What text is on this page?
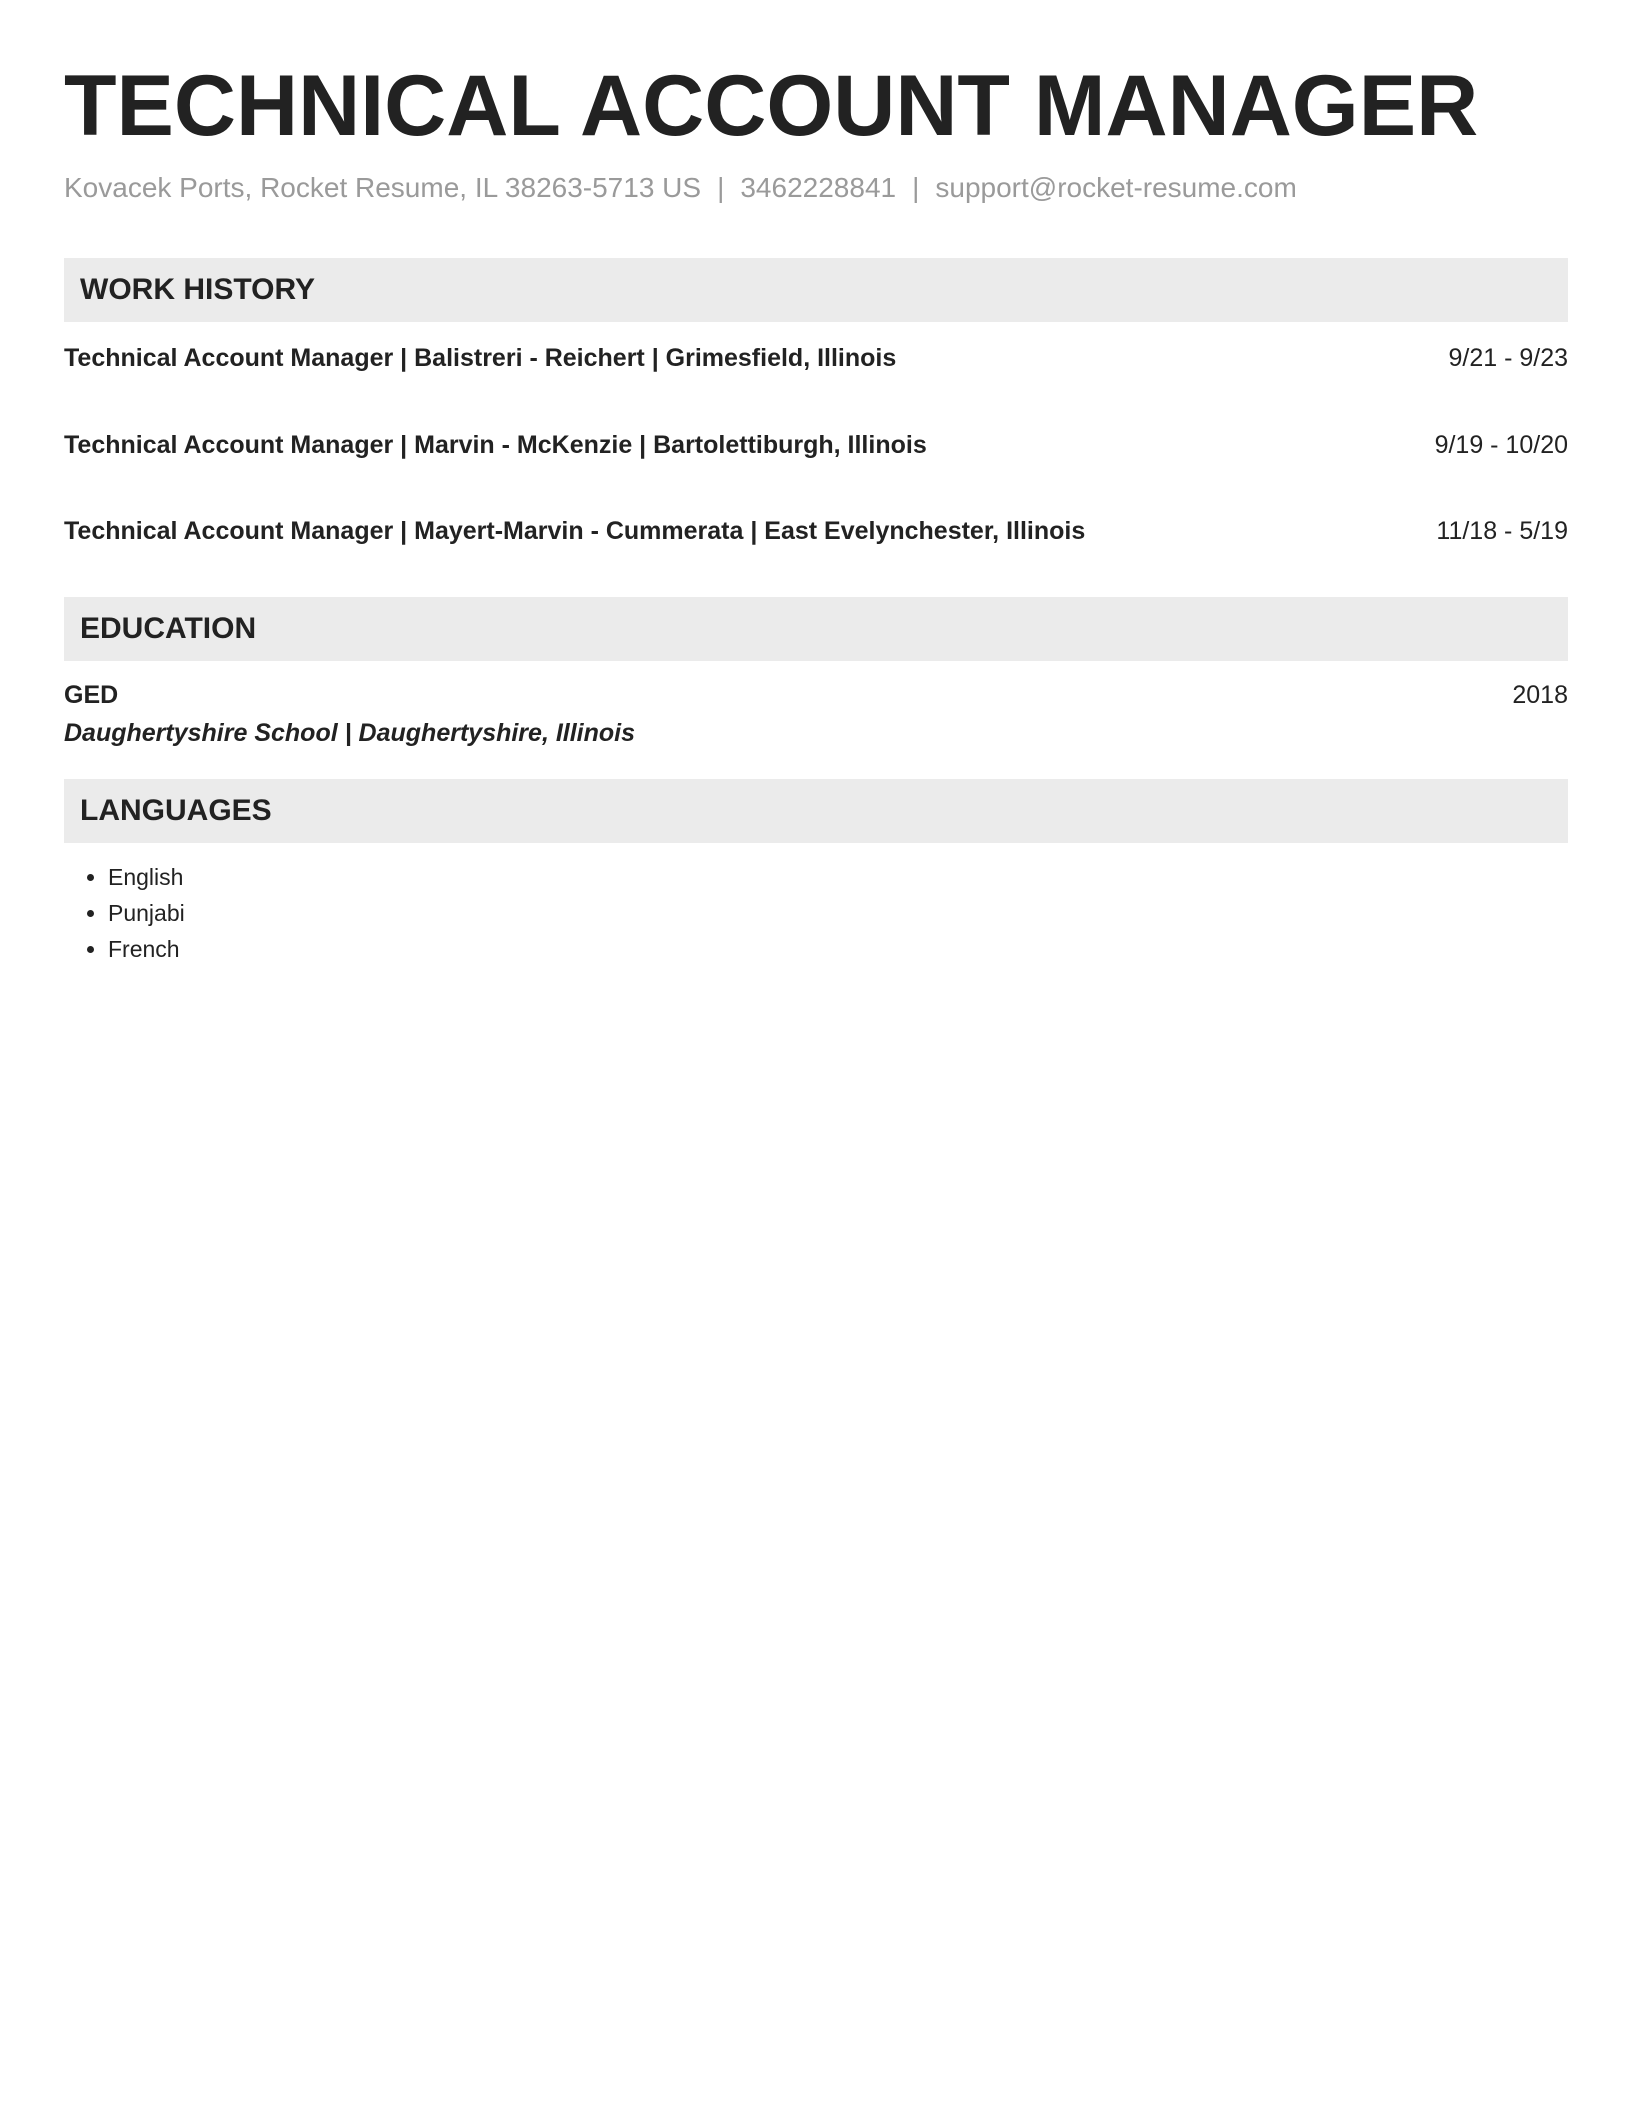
TECHNICAL ACCOUNT MANAGER
Kovacek Ports, Rocket Resume, IL 38263-5713 US | 3462228841 | support@rocket-resume.com
WORK HISTORY
Technical Account Manager | Balistreri - Reichert | Grimesfield, Illinois	9/21 - 9/23
Technical Account Manager | Marvin - McKenzie | Bartolettiburgh, Illinois	9/19 - 10/20
Technical Account Manager | Mayert-Marvin - Cummerata | East Evelynchester, Illinois	11/18 - 5/19
EDUCATION
GED	2018
Daughertyshire School | Daughertyshire, Illinois
LANGUAGES
• English
• Punjabi
• French
